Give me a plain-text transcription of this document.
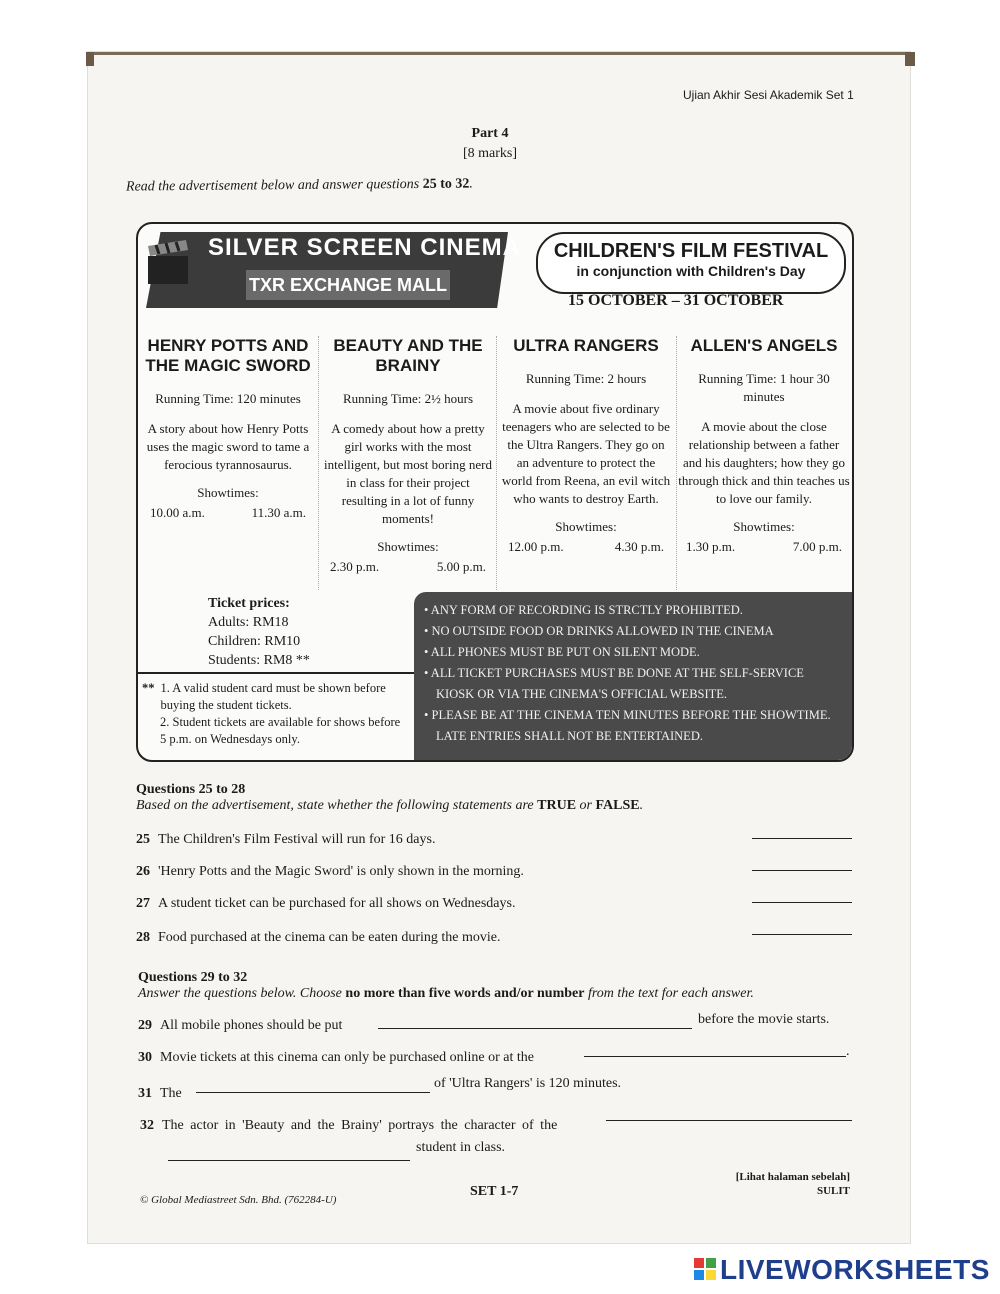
Ujian Akhir Sesi Akademik Set 1
Part 4
[8 marks]
Read the advertisement below and answer questions 25 to 32.
SILVER SCREEN CINEMA
TXR EXCHANGE MALL
CHILDREN'S FILM FESTIVAL
in conjunction with Children's Day
15 OCTOBER – 31 OCTOBER
HENRY POTTS AND THE MAGIC SWORD
Running Time: 120 minutes
A story about how Henry Potts uses the magic sword to tame a ferocious tyrannosaurus.
Showtimes:
10.00 a.m.	11.30 a.m.
BEAUTY AND THE BRAINY
Running Time: 2½ hours
A comedy about how a pretty girl works with the most intelligent, but most boring nerd in class for their project resulting in a lot of funny moments!
Showtimes:
2.30 p.m.	5.00 p.m.
ULTRA RANGERS
Running Time: 2 hours
A movie about five ordinary teenagers who are selected to be the Ultra Rangers. They go on an adventure to protect the world from Reena, an evil witch who wants to destroy Earth.
Showtimes:
12.00 p.m.	4.30 p.m.
ALLEN'S ANGELS
Running Time: 1 hour 30 minutes
A movie about the close relationship between a father and his daughters; how they go through thick and thin teaches us to love our family.
Showtimes:
1.30 p.m.	7.00 p.m.
Ticket prices:
Adults: RM18
Children: RM10
Students: RM8 **
** 1. A valid student card must be shown before buying the student tickets.
2. Student tickets are available for shows before 5 p.m. on Wednesdays only.
• ANY FORM OF RECORDING IS STRCTLY PROHIBITED.
• NO OUTSIDE FOOD OR DRINKS ALLOWED IN THE CINEMA
• ALL PHONES MUST BE PUT ON SILENT MODE.
• ALL TICKET PURCHASES MUST BE DONE AT THE SELF-SERVICE KIOSK OR VIA THE CINEMA'S OFFICIAL WEBSITE.
• PLEASE BE AT THE CINEMA TEN MINUTES BEFORE THE SHOWTIME. LATE ENTRIES SHALL NOT BE ENTERTAINED.
Questions 25 to 28
Based on the advertisement, state whether the following statements are TRUE or FALSE.
25 The Children's Film Festival will run for 16 days.
26 'Henry Potts and the Magic Sword' is only shown in the morning.
27 A student ticket can be purchased for all shows on Wednesdays.
28 Food purchased at the cinema can be eaten during the movie.
Questions 29 to 32
Answer the questions below. Choose no more than five words and/or number from the text for each answer.
29 All mobile phones should be put	before the movie starts.
30 Movie tickets at this cinema can only be purchased online or at the	.
31 The
of 'Ultra Rangers' is 120 minutes.
32 The actor in 'Beauty and the Brainy' portrays the character of the
student in class.
© Global Mediastreet Sdn. Bhd. (762284-U)
SET 1-7
[Lihat halaman sebelah]
SULIT
LIVEWORKSHEETS
